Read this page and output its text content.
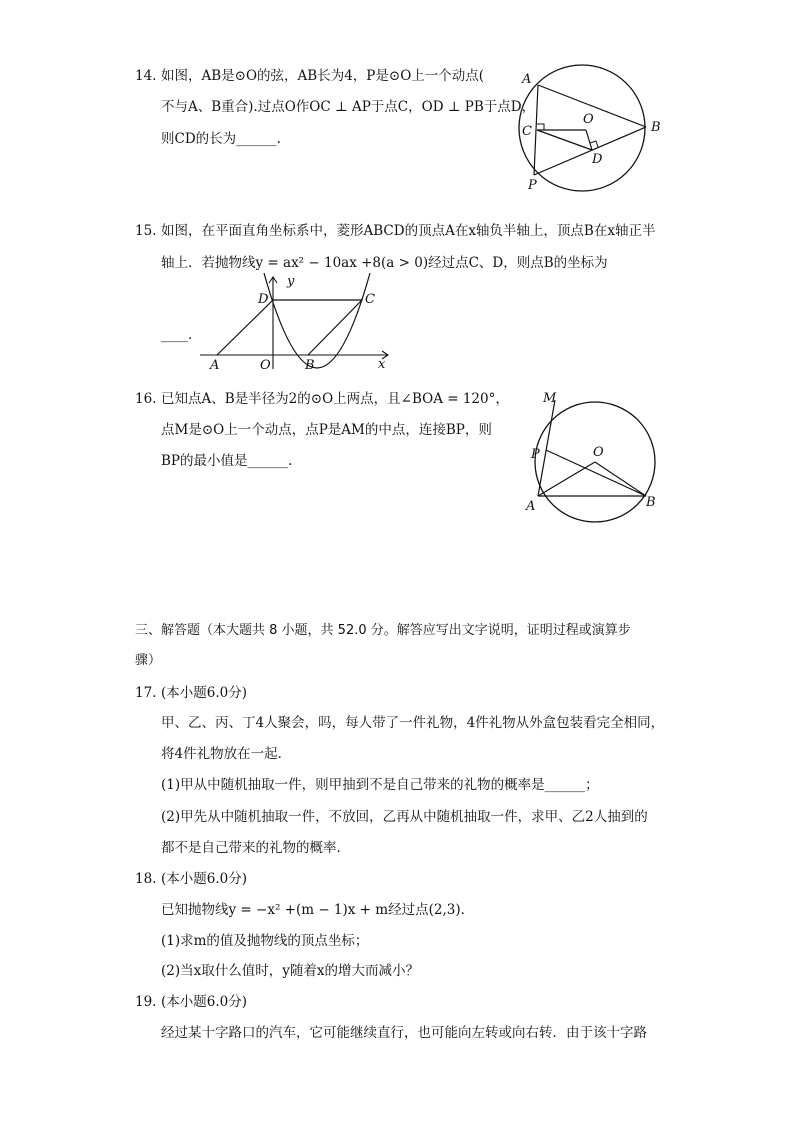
14. 如图，AB是⊙O的弦，AB长为4，P是⊙O上一个动点(
不与A、B重合).过点O作OC ⊥ AP于点C，OD ⊥ PB于点D，
则CD的长为______.
A
B
C
O
D
P
15. 如图，在平面直角坐标系中，菱形ABCD的顶点A在x轴负半轴上，顶点B在x轴正半
轴上．若抛物线y = ax² − 10ax +8(a > 0)经过点C、D，则点B的坐标为
____.
y
x
D	C
A	O	B
16. 已知点A、B是半径为2的⊙O上两点，且∠BOA = 120°，
点M是⊙O上一个动点，点P是AM的中点，连接BP，则
BP的最小值是______.
M
P	O
A	B
三、解答题（本大题共 8 小题，共 52.0 分。解答应写出文字说明，证明过程或演算步
骤）
17. (本小题6.0分)
甲、乙、丙、丁4人聚会，吗，每人带了一件礼物，4件礼物从外盒包装看完全相同，
将4件礼物放在一起．
(1)甲从中随机抽取一件，则甲抽到不是自己带来的礼物的概率是______；
(2)甲先从中随机抽取一件，不放回，乙再从中随机抽取一件，求甲、乙2人抽到的
都不是自己带来的礼物的概率．
18. (本小题6.0分)
已知抛物线y = −x² +(m − 1)x + m经过点(2,3)．
(1)求m的值及抛物线的顶点坐标；
(2)当x取什么值时，y随着x的增大而减小？
19. (本小题6.0分)
经过某十字路口的汽车，它可能继续直行，也可能向左转或向右转．由于该十字路
